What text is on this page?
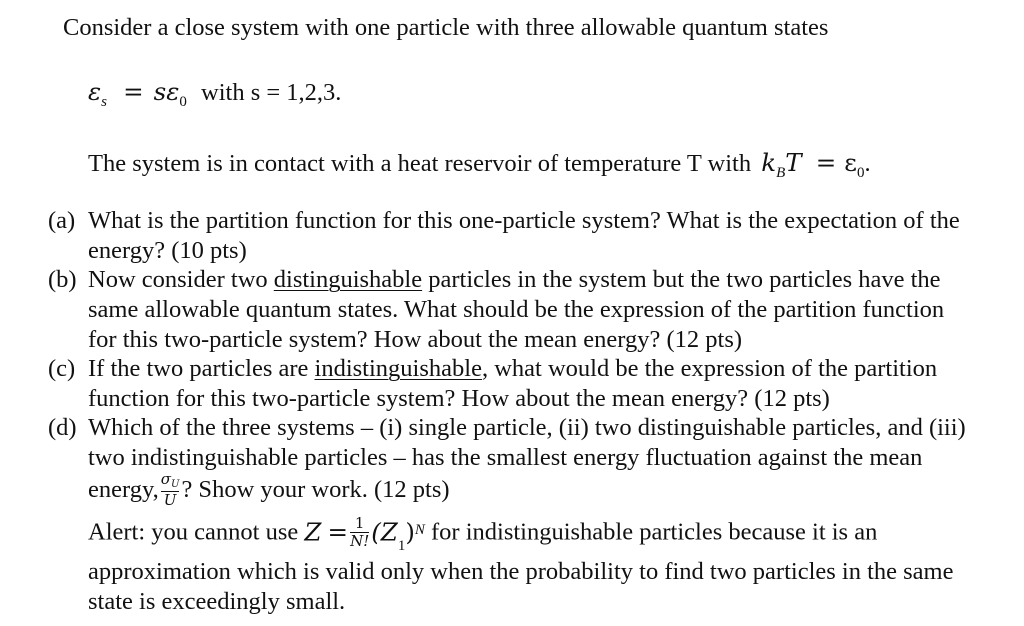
Consider a close system with one particle with three allowable quantum states
$\varepsilon_s = s\varepsilon_0$ with s = 1,2,3.
The system is in contact with a heat reservoir of temperature T with $k_BT = \varepsilon_0$.
(a) What is the partition function for this one-particle system? What is the expectation of the
energy? (10 pts)
(b) Now consider two distinguishable particles in the system but the two particles have the
same allowable quantum states. What should be the expression of the partition function
for this two-particle system? How about the mean energy? (12 pts)
(c) If the two particles are indistinguishable, what would be the expression of the partition
function for this two-particle system? How about the mean energy? (12 pts)
(d) Which of the three systems – (i) single particle, (ii) two distinguishable particles, and (iii)
two indistinguishable particles – has the smallest energy fluctuation against the mean
energy, $\frac{\sigma_U}{U}$ ? Show your work. (12 pts)
Alert: you cannot use $Z = \frac{1}{N!} (Z_1)^N$ for indistinguishable particles because it is an
approximation which is valid only when the probability to find two particles in the same
state is exceedingly small.
